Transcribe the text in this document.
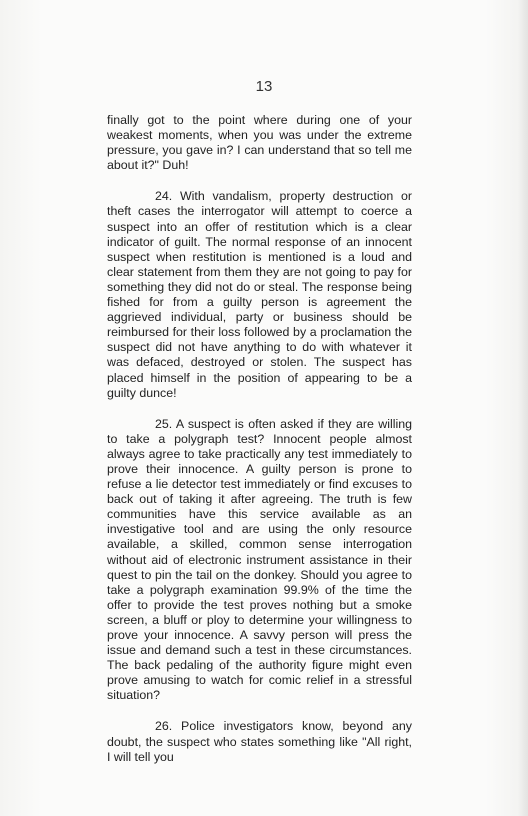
13

finally got to the point where during one of your weakest moments, when you was under the extreme pressure, you gave in? I can understand that so tell me about it?" Duh!

24. With vandalism, property destruction or theft cases the interrogator will attempt to coerce a suspect into an offer of restitution which is a clear indicator of guilt. The normal response of an innocent suspect when restitution is mentioned is a loud and clear statement from them they are not going to pay for something they did not do or steal. The response being fished for from a guilty person is agreement the aggrieved individual, party or business should be reimbursed for their loss followed by a proclamation the suspect did not have anything to do with whatever it was defaced, destroyed or stolen. The suspect has placed himself in the position of appearing to be a guilty dunce!

25. A suspect is often asked if they are willing to take a polygraph test? Innocent people almost always agree to take practically any test immediately to prove their innocence. A guilty person is prone to refuse a lie detector test immediately or find excuses to back out of taking it after agreeing. The truth is few communities have this service available as an investigative tool and are using the only resource available, a skilled, common sense interrogation without aid of electronic instrument assistance in their quest to pin the tail on the donkey. Should you agree to take a polygraph examination 99.9% of the time the offer to provide the test proves nothing but a smoke screen, a bluff or ploy to determine your willingness to prove your innocence. A savvy person will press the issue and demand such a test in these circumstances. The back pedaling of the authority figure might even prove amusing to watch for comic relief in a stressful situation?

26. Police investigators know, beyond any doubt, the suspect who states something like "All right, I will tell you
